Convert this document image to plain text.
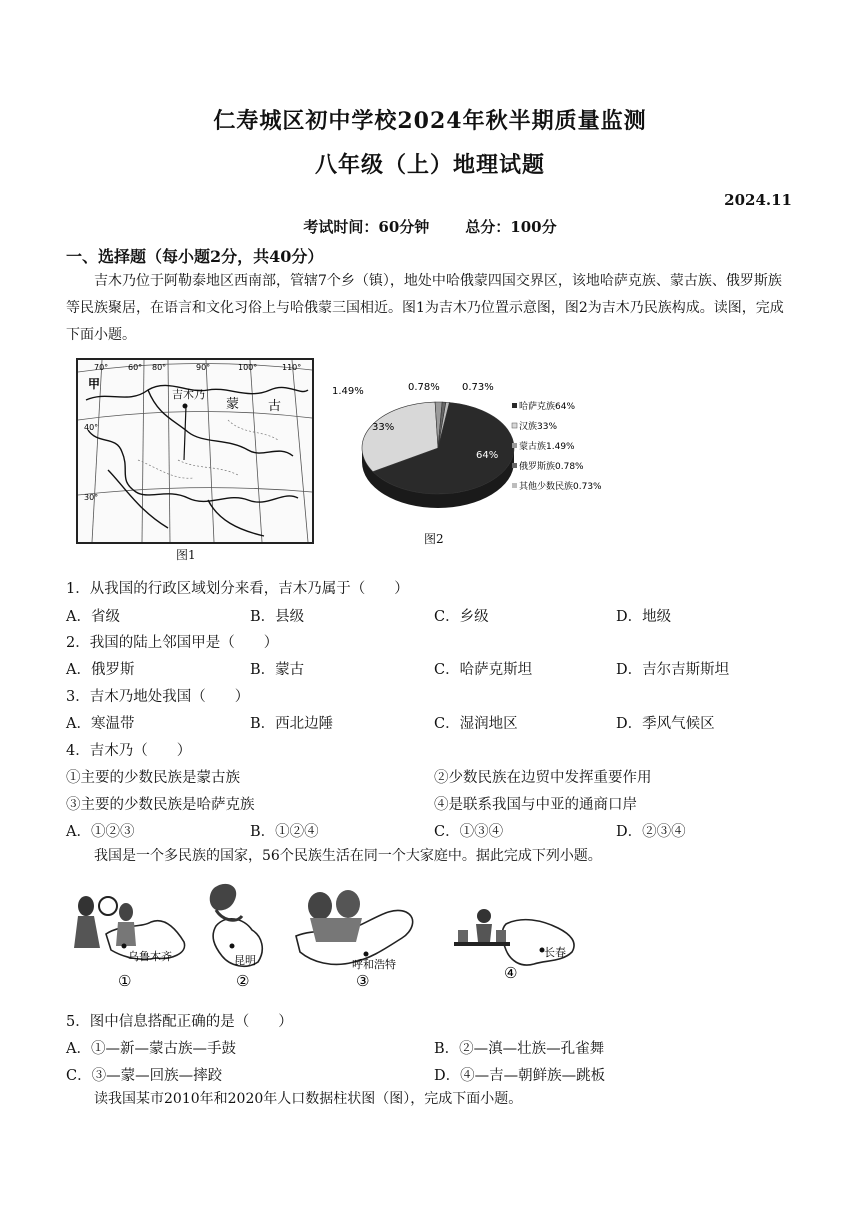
仁寿城区初中学校2024年秋半期质量监测
八年级（上）地理试题
2024.11
考试时间：60分钟 总分：100分
一、选择题（每小题2分，共40分）
吉木乃位于阿勒泰地区西南部，管辖7个乡（镇），地处中哈俄蒙四国交界区，该地哈萨克族、蒙古族、俄罗斯族等民族聚居，在语言和文化习俗上与哈俄蒙三国相近。图1为吉木乃位置示意图，图2为吉木乃民族构成。读图，完成下面小题。
70° 60° 80°	90°	100°	110°
40°
30°
甲
吉木乃
蒙 古
图1
1.49%	0.78% 0.73%
64%
33%
哈萨克族64%
汉族33%
蒙古族1.49%
俄罗斯族0.78%
其他少数民族0.73%
图2
1．从我国的行政区域划分来看，吉木乃属于（　　）
A．省级	B．县级	C．乡级	D．地级
2．我国的陆上邻国甲是（　　）
A．俄罗斯	B．蒙古	C．哈萨克斯坦	D．吉尔吉斯斯坦
3．吉木乃地处我国（　　）
A．寒温带	B．西北边陲	C．湿润地区	D．季风气候区
4．吉木乃（　　）
①主要的少数民族是蒙古族	②少数民族在边贸中发挥重要作用
③主要的少数民族是哈萨克族	④是联系我国与中亚的通商口岸
A．①②③	B．①②④	C．①③④	D．②③④
我国是一个多民族的国家，56个民族生活在同一个大家庭中。据此完成下列小题。
乌鲁木齐
①
昆明
②
呼和浩特
③
长春
④
5．图中信息搭配正确的是（　　）
A．①—新—蒙古族—手鼓	B．②—滇—壮族—孔雀舞
C．③—蒙—回族—摔跤	D．④—吉—朝鲜族—跳板
读我国某市2010年和2020年人口数据柱状图（图），完成下面小题。
